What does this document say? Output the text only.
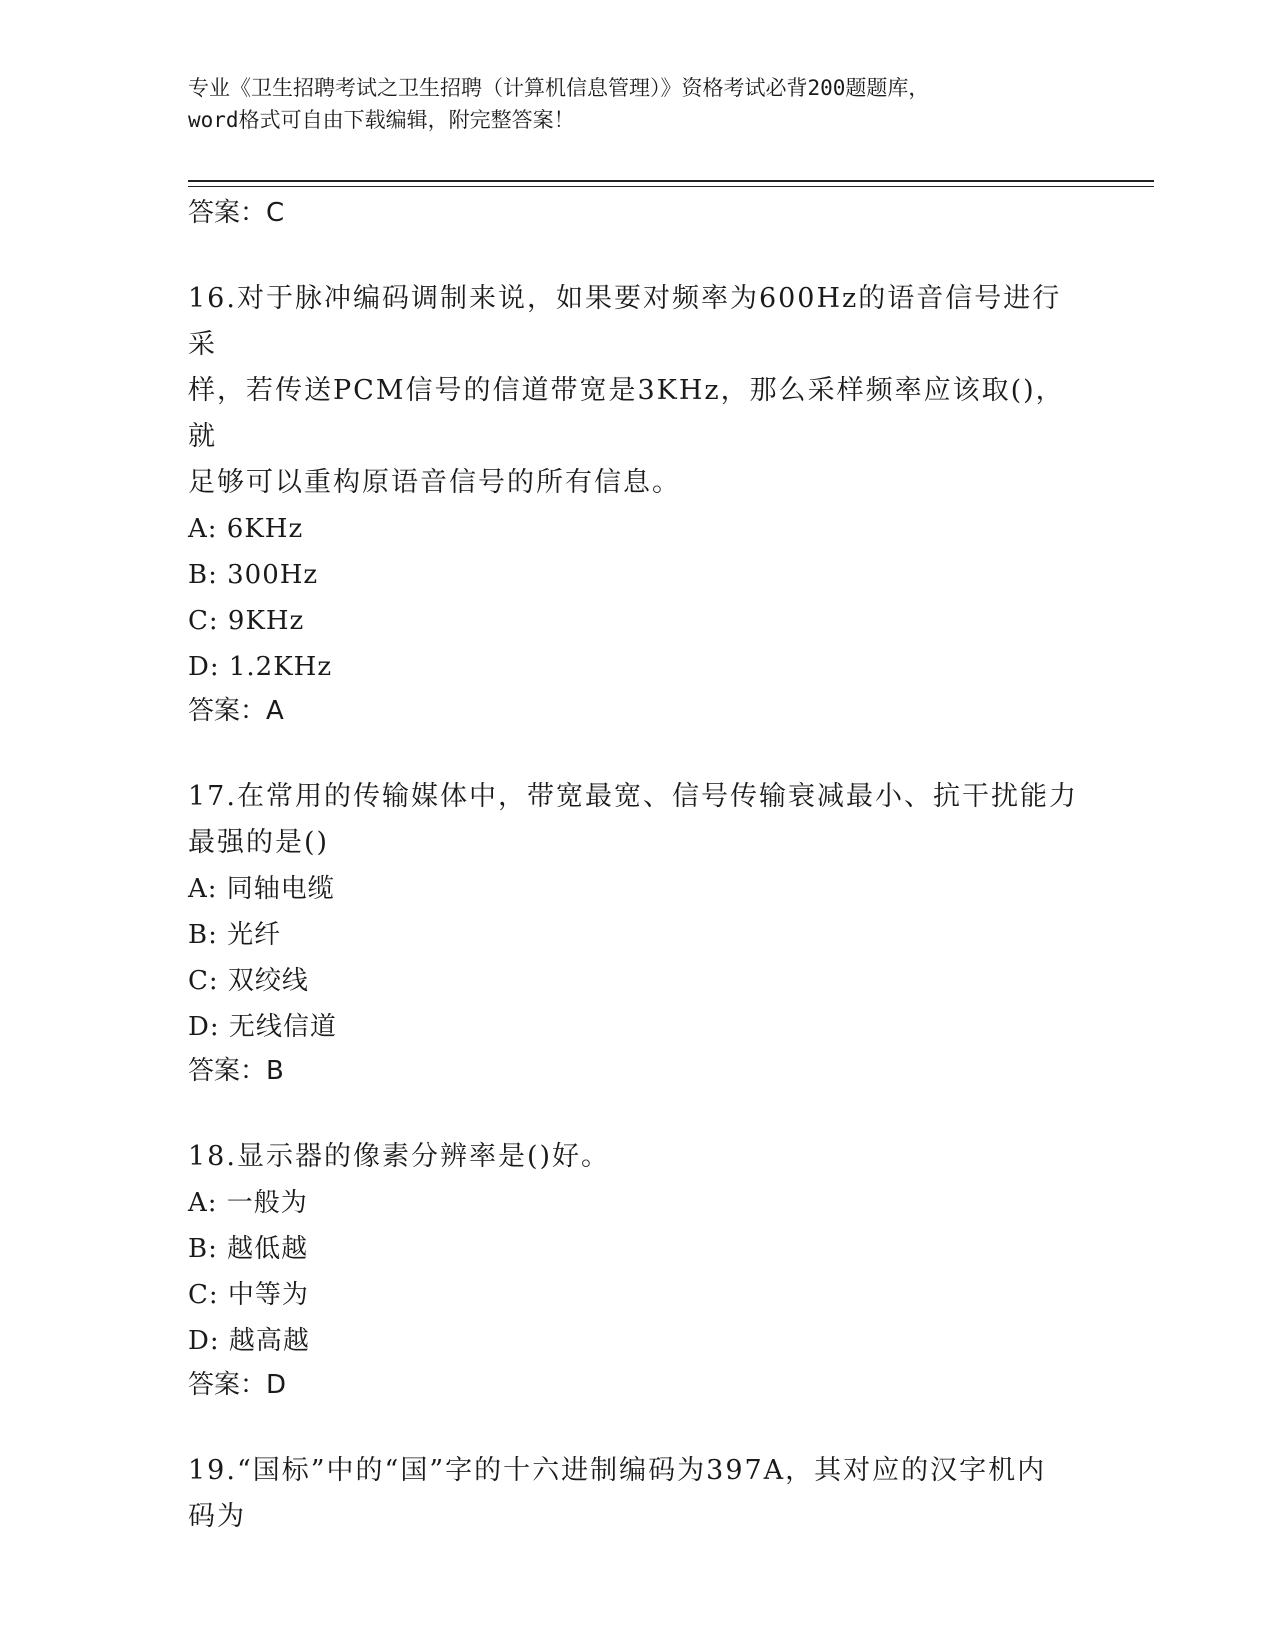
专业《卫生招聘考试之卫生招聘（计算机信息管理）》资格考试必背200题题库，
word格式可自由下载编辑，附完整答案！

答案：C

16.对于脉冲编码调制来说，如果要对频率为600Hz的语音信号进行采

样，若传送PCM信号的信道带宽是3KHz，那么采样频率应该取()，就

足够可以重构原语音信号的所有信息。

A: 6KHz

B: 300Hz

C: 9KHz

D: 1.2KHz

答案：A

17.在常用的传输媒体中，带宽最宽、信号传输衰减最小、抗干扰能力

最强的是()

A: 同轴电缆

B: 光纤

C: 双绞线

D: 无线信道

答案：B

18.显示器的像素分辨率是()好。

A: 一般为

B: 越低越

C: 中等为

D: 越高越

答案：D

19.“国标”中的“国”字的十六进制编码为397A，其对应的汉字机内

码为
